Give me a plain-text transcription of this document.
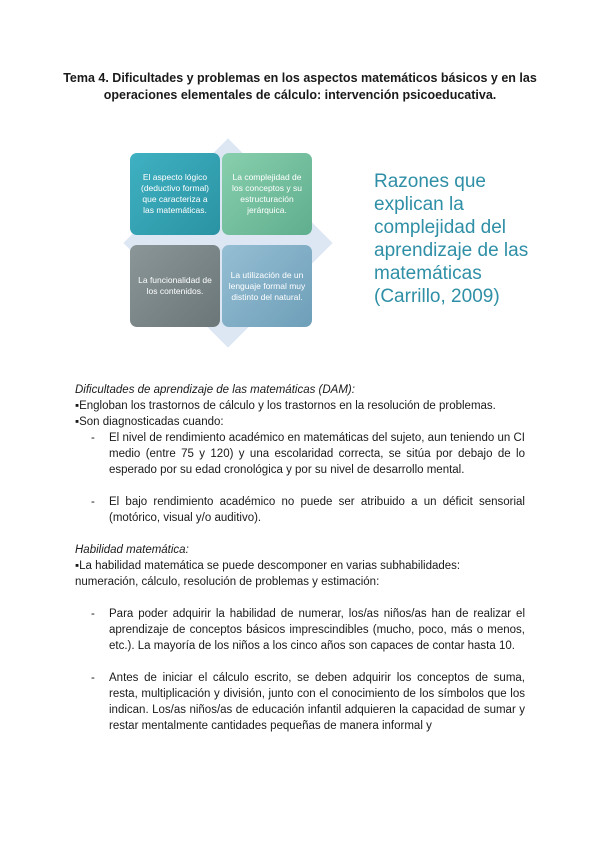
Tema 4. Dificultades y problemas en los aspectos matemáticos básicos y en las operaciones elementales de cálculo: intervención psicoeducativa.
El aspecto lógico (deductivo formal) que caracteriza a las matemáticas.
La complejidad de los conceptos y su estructuración jerárquica.
La funcionalidad de los contenidos.
La utilización de un lenguaje formal muy distinto del natural.
Razones que explican la complejidad del aprendizaje de las matemáticas (Carrillo, 2009)

Dificultades de aprendizaje de las matemáticas (DAM):

▪Engloban los trastornos de cálculo y los trastornos en la resolución de problemas.

▪Son diagnosticadas cuando:

-	El nivel de rendimiento académico en matemáticas del sujeto, aun teniendo un CI medio (entre 75 y 120) y una escolaridad correcta, se sitúa por debajo de lo esperado por su edad cronológica y por su nivel de desarrollo mental.
-	El bajo rendimiento académico no puede ser atribuido a un déficit sensorial (motórico, visual y/o auditivo).

Habilidad matemática:

▪La habilidad matemática se puede descomponer en varias subhabilidades: numeración, cálculo, resolución de problemas y estimación:

-	Para poder adquirir la habilidad de numerar, los/as niños/as han de realizar el aprendizaje de conceptos básicos imprescindibles (mucho, poco, más o menos, etc.). La mayoría de los niños a los cinco años son capaces de contar hasta 10.
-	Antes de iniciar el cálculo escrito, se deben adquirir los conceptos de suma, resta, multiplicación y división, junto con el conocimiento de los símbolos que los indican. Los/as niños/as de educación infantil adquieren la capacidad de sumar y restar mentalmente cantidades pequeñas de manera informal y
